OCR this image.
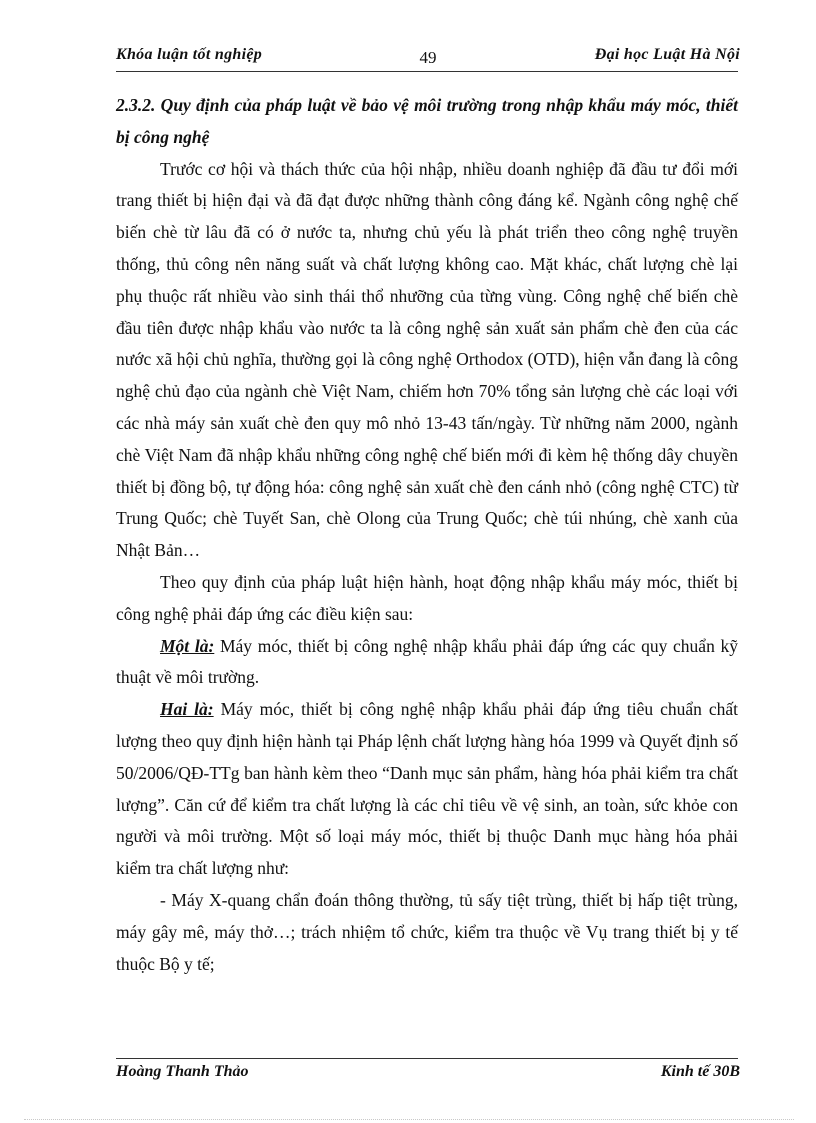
Khóa luận tốt nghiệp	49	Đại học Luật Hà Nội

2.3.2. Quy định của pháp luật về bảo vệ môi trường trong nhập khẩu máy móc, thiết bị công nghệ

Trước cơ hội và thách thức của hội nhập, nhiều doanh nghiệp đã đầu tư đổi mới trang thiết bị hiện đại và đã đạt được những thành công đáng kể. Ngành công nghệ chế biến chè từ lâu đã có ở nước ta, nhưng chủ yếu là phát triển theo công nghệ truyền thống, thủ công nên năng suất và chất lượng không cao. Mặt khác, chất lượng chè lại phụ thuộc rất nhiều vào sinh thái thổ nhưỡng của từng vùng. Công nghệ chế biến chè đầu tiên được nhập khẩu vào nước ta là công nghệ sản xuất sản phẩm chè đen của các nước xã hội chủ nghĩa, thường gọi là công nghệ Orthodox (OTD), hiện vẫn đang là công nghệ chủ đạo của ngành chè Việt Nam, chiếm hơn 70% tổng sản lượng chè các loại với các nhà máy sản xuất chè đen quy mô nhỏ 13-43 tấn/ngày. Từ những năm 2000, ngành chè Việt Nam đã nhập khẩu những công nghệ chế biến mới đi kèm hệ thống dây chuyền thiết bị đồng bộ, tự động hóa: công nghệ sản xuất chè đen cánh nhỏ (công nghệ CTC) từ Trung Quốc; chè Tuyết San, chè Olong của Trung Quốc; chè túi nhúng, chè xanh của Nhật Bản…

Theo quy định của pháp luật hiện hành, hoạt động nhập khẩu máy móc, thiết bị công nghệ phải đáp ứng các điều kiện sau:

Một là: Máy móc, thiết bị công nghệ nhập khẩu phải đáp ứng các quy chuẩn kỹ thuật về môi trường.

Hai là: Máy móc, thiết bị công nghệ nhập khẩu phải đáp ứng tiêu chuẩn chất lượng theo quy định hiện hành tại Pháp lệnh chất lượng hàng hóa 1999 và Quyết định số 50/2006/QĐ-TTg ban hành kèm theo “Danh mục sản phẩm, hàng hóa phải kiểm tra chất lượng”. Căn cứ để kiểm tra chất lượng là các chỉ tiêu về vệ sinh, an toàn, sức khỏe con người và môi trường. Một số loại máy móc, thiết bị thuộc Danh mục hàng hóa phải kiểm tra chất lượng như:

- Máy X-quang chẩn đoán thông thường, tủ sấy tiệt trùng, thiết bị hấp tiệt trùng, máy gây mê, máy thở…; trách nhiệm tổ chức, kiểm tra thuộc về Vụ trang thiết bị y tế thuộc Bộ y tế;

Hoàng Thanh Thảo	Kinh tế 30B
